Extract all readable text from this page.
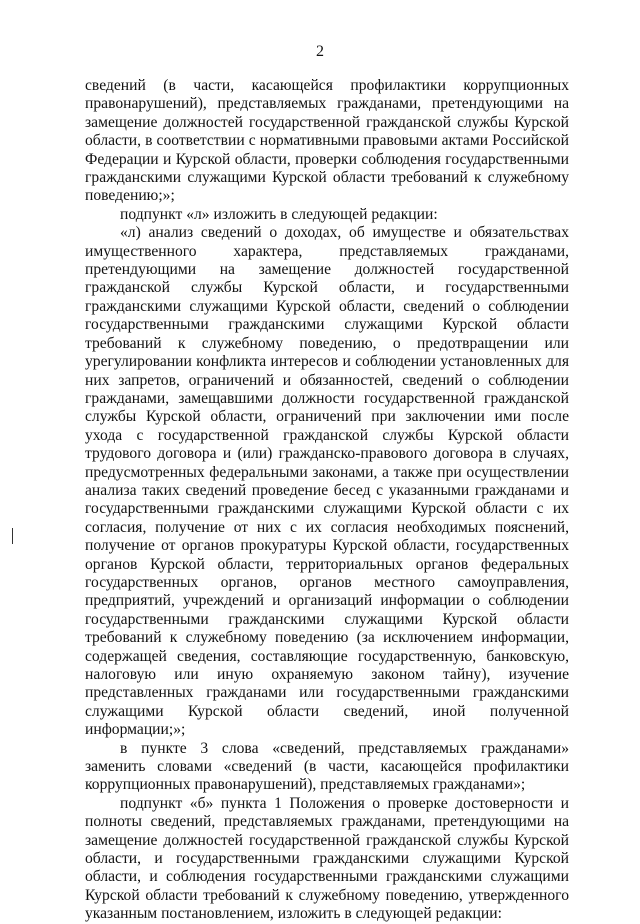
2

сведений (в части, касающейся профилактики коррупционных правонарушений), представляемых гражданами, претендующими на замещение должностей государственной гражданской службы Курской области, в соответствии с нормативными правовыми актами Российской Федерации и Курской области, проверки соблюдения государственными гражданскими служащими Курской области требований к служебному поведению;»;

подпункт «л» изложить в следующей редакции:

«л) анализ сведений о доходах, об имуществе и обязательствах имущественного характера, представляемых гражданами, претендующими на замещение должностей государственной гражданской службы Курской области, и государственными гражданскими служащими Курской области, сведений о соблюдении государственными гражданскими служащими Курской области требований к служебному поведению, о предотвращении или урегулировании конфликта интересов и соблюдении установленных для них запретов, ограничений и обязанностей, сведений о соблюдении гражданами, замещавшими должности государственной гражданской службы Курской области, ограничений при заключении ими после ухода с государственной гражданской службы Курской области трудового договора и (или) гражданско-правового договора в случаях, предусмотренных федеральными законами, а также при осуществлении анализа таких сведений проведение бесед с указанными гражданами и государственными гражданскими служащими Курской области с их согласия, получение от них с их согласия необходимых пояснений, получение от органов прокуратуры Курской области, государственных органов Курской области, территориальных органов федеральных государственных органов, органов местного самоуправления, предприятий, учреждений и организаций информации о соблюдении государственными гражданскими служащими Курской области требований к служебному поведению (за исключением информации, содержащей сведения, составляющие государственную, банковскую, налоговую или иную охраняемую законом тайну), изучение представленных гражданами или государственными гражданскими служащими Курской области сведений, иной полученной информации;»;

в пункте 3 слова «сведений, представляемых гражданами» заменить словами «сведений (в части, касающейся профилактики коррупционных правонарушений), представляемых гражданами»;

подпункт «б» пункта 1 Положения о проверке достоверности и полноты сведений, представляемых гражданами, претендующими на замещение должностей государственной гражданской службы Курской области, и государственными гражданскими служащими Курской области, и соблюдения государственными гражданскими служащими Курской области требований к служебному поведению, утвержденного указанным постановлением, изложить в следующей редакции:
